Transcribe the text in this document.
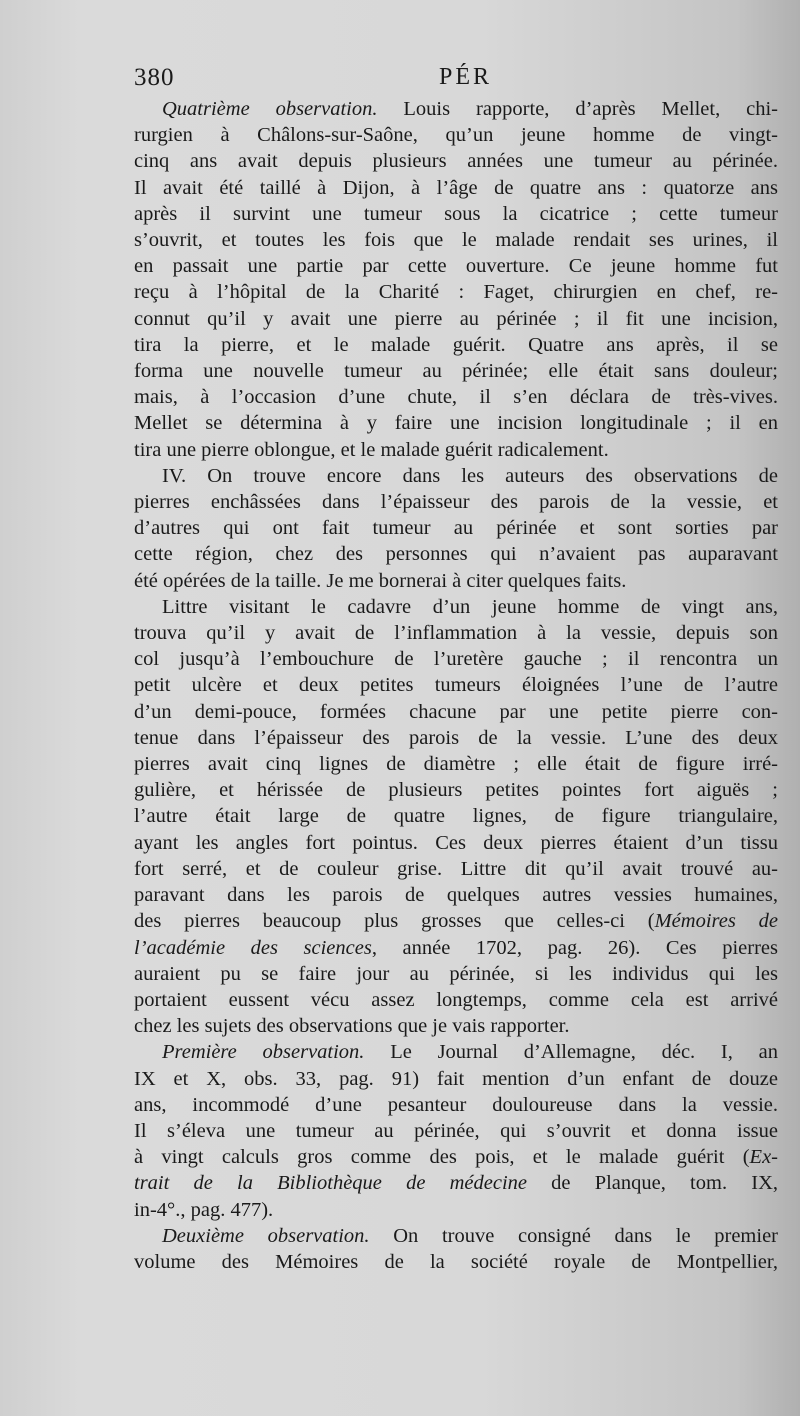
380	PÉR
Quatrième observation. Louis rapporte, d’après Mellet, chi-
rurgien à Châlons-sur-Saône, qu’un jeune homme de vingt-
cinq ans avait depuis plusieurs années une tumeur au périnée.
Il avait été taillé à Dijon, à l’âge de quatre ans : quatorze ans
après il survint une tumeur sous la cicatrice ; cette tumeur
s’ouvrit, et toutes les fois que le malade rendait ses urines, il
en passait une partie par cette ouverture. Ce jeune homme fut
reçu à l’hôpital de la Charité : Faget, chirurgien en chef, re-
connut qu’il y avait une pierre au périnée ; il fit une incision,
tira la pierre, et le malade guérit. Quatre ans après, il se
forma une nouvelle tumeur au périnée; elle était sans douleur;
mais, à l’occasion d’une chute, il s’en déclara de très-vives.
Mellet se détermina à y faire une incision longitudinale ; il en
tira une pierre oblongue, et le malade guérit radicalement.
IV. On trouve encore dans les auteurs des observations de
pierres enchâssées dans l’épaisseur des parois de la vessie, et
d’autres qui ont fait tumeur au périnée et sont sorties par
cette région, chez des personnes qui n’avaient pas auparavant
été opérées de la taille. Je me bornerai à citer quelques faits.
Littre visitant le cadavre d’un jeune homme de vingt ans,
trouva qu’il y avait de l’inflammation à la vessie, depuis son
col jusqu’à l’embouchure de l’uretère gauche ; il rencontra un
petit ulcère et deux petites tumeurs éloignées l’une de l’autre
d’un demi-pouce, formées chacune par une petite pierre con-
tenue dans l’épaisseur des parois de la vessie. L’une des deux
pierres avait cinq lignes de diamètre ; elle était de figure irré-
gulière, et hérissée de plusieurs petites pointes fort aiguës ;
l’autre était large de quatre lignes, de figure triangulaire,
ayant les angles fort pointus. Ces deux pierres étaient d’un tissu
fort serré, et de couleur grise. Littre dit qu’il avait trouvé au-
paravant dans les parois de quelques autres vessies humaines,
des pierres beaucoup plus grosses que celles-ci (Mémoires de
l’académie des sciences, année 1702, pag. 26). Ces pierres
auraient pu se faire jour au périnée, si les individus qui les
portaient eussent vécu assez longtemps, comme cela est arrivé
chez les sujets des observations que je vais rapporter.
Première observation. Le Journal d’Allemagne, déc. I, an
IX et X, obs. 33, pag. 91) fait mention d’un enfant de douze
ans, incommodé d’une pesanteur douloureuse dans la vessie.
Il s’éleva une tumeur au périnée, qui s’ouvrit et donna issue
à vingt calculs gros comme des pois, et le malade guérit (Ex-
trait de la Bibliothèque de médecine de Planque, tom. IX,
in-4°., pag. 477).
Deuxième observation. On trouve consigné dans le premier
volume des Mémoires de la société royale de Montpellier,
